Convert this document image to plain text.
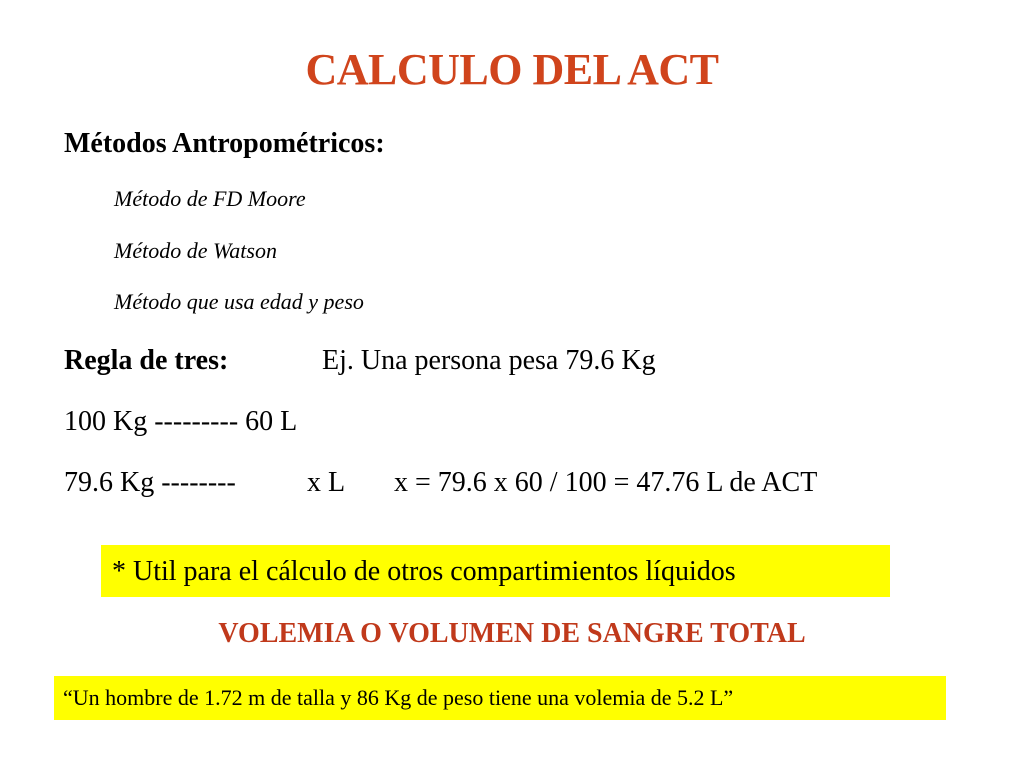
CALCULO DEL ACT
Métodos Antropométricos:
Método de FD Moore
Método de Watson
Método que usa edad y peso
Regla de tres:	Ej. Una persona pesa 79.6 Kg
100 Kg --------- 60 L
79.6 Kg --------	x L x = 79.6 x 60 / 100 = 47.76 L de ACT
* Util para el cálculo de otros compartimientos líquidos
VOLEMIA O VOLUMEN DE SANGRE TOTAL
“Un hombre de 1.72 m de talla y 86 Kg de peso tiene una volemia de 5.2 L”
